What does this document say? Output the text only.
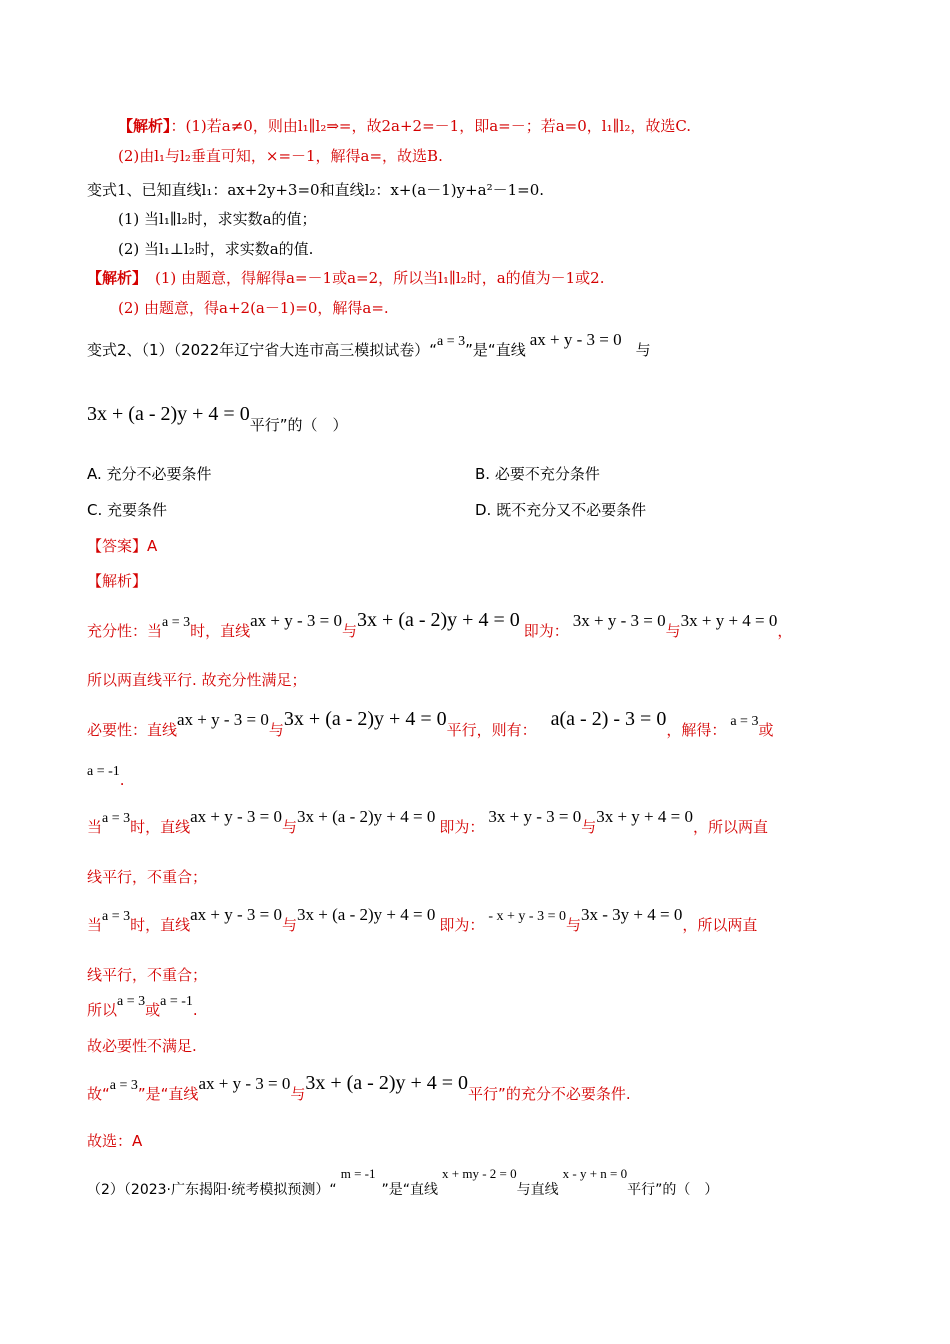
【解析】：(1)若a≠0，则由l₁∥l₂⇒=，故2a+2=－1，即a=－；若a=0，l₁∥l₂，故选C.
(2)由l₁与l₂垂直可知，×=－1，解得a=，故选B.
变式1、已知直线l₁：ax+2y+3=0和直线l₂：x+(a－1)y+a²－1=0.
(1) 当l₁∥l₂时，求实数a的值；
(2) 当l₁⊥l₂时，求实数a的值.
【解析】 (1) 由题意，得解得a=－1或a=2，所以当l₁∥l₂时，a的值为－1或2.
(2) 由题意，得a+2(a－1)=0，解得a=.
变式2、（1）（2022年辽宁省大连市高三模拟试卷）“a = 3”是“直线ax + y - 3 = 0与
3x + (a - 2)y + 4 = 0平行”的（　）
A. 充分不必要条件	B. 必要不充分条件
C. 充要条件	D. 既不充分又不必要条件
【答案】A
【解析】
充分性：当a = 3时，直线ax + y - 3 = 0与3x + (a - 2)y + 4 = 0 即为：3x + y - 3 = 0与3x + y + 4 = 0，
所以两直线平行. 故充分性满足；
必要性：直线ax + y - 3 = 0与3x + (a - 2)y + 4 = 0平行，则有： a(a - 2) - 3 = 0，解得： a = 3或
a = -1.
当a = 3时，直线ax + y - 3 = 0与3x + (a - 2)y + 4 = 0即为：3x + y - 3 = 0与3x + y + 4 = 0，所以两直
线平行，不重合；
当a = 3时，直线ax + y - 3 = 0与3x + (a - 2)y + 4 = 0即为： - x + y - 3 = 0与3x - 3y + 4 = 0，所以两直
线平行，不重合；
所以a = 3或a = -1.
故必要性不满足.
故“a = 3”是“直线ax + y - 3 = 0与3x + (a - 2)y + 4 = 0平行”的充分不必要条件.
故选：A
（2）（2023·广东揭阳·统考模拟预测）“m = -1”是“直线x + my - 2 = 0与直线x - y + n = 0平行”的（　）
